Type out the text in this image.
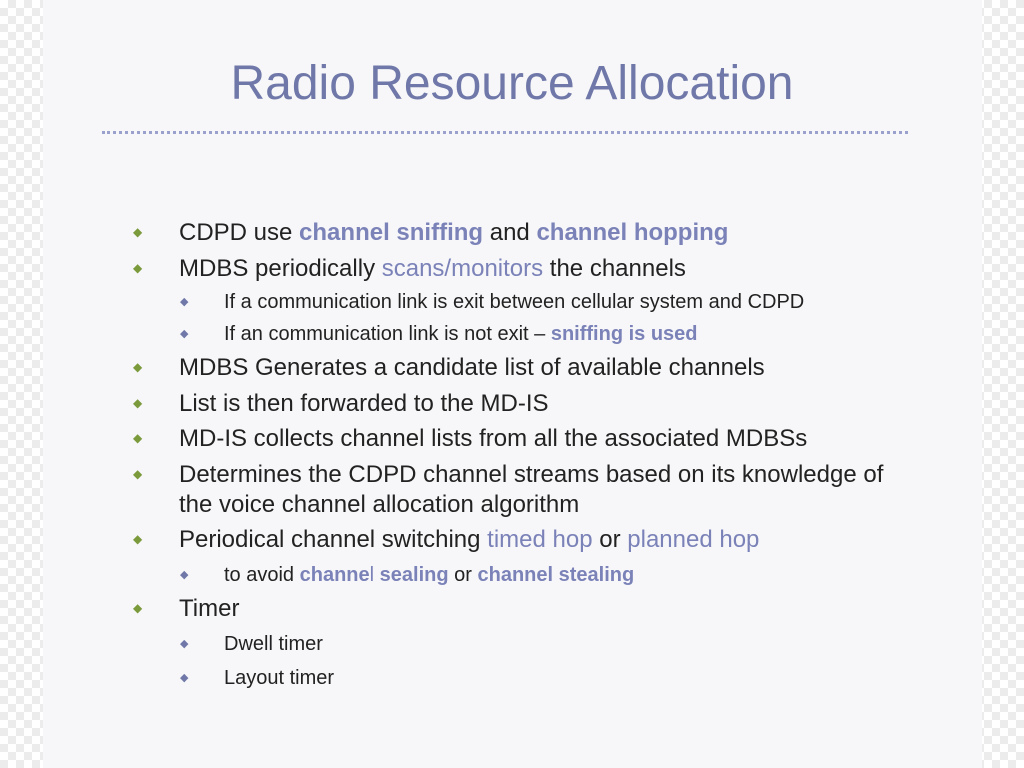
Radio Resource Allocation
◆ CDPD use channel sniffing and channel hopping
◆ MDBS periodically scans/monitors the channels
◆ If a communication link is exit between cellular system and CDPD
◆ If an communication link is not exit – sniffing is used
◆ MDBS Generates a candidate list of available channels
◆ List is then forwarded to the MD-IS
◆ MD-IS collects channel lists from all the associated MDBSs
◆ Determines the CDPD channel streams based on its knowledge of
the voice channel allocation algorithm
◆ Periodical channel switching timed hop or planned hop
◆ to avoid channel sealing or channel stealing
◆ Timer
◆ Dwell timer
◆ Layout timer
